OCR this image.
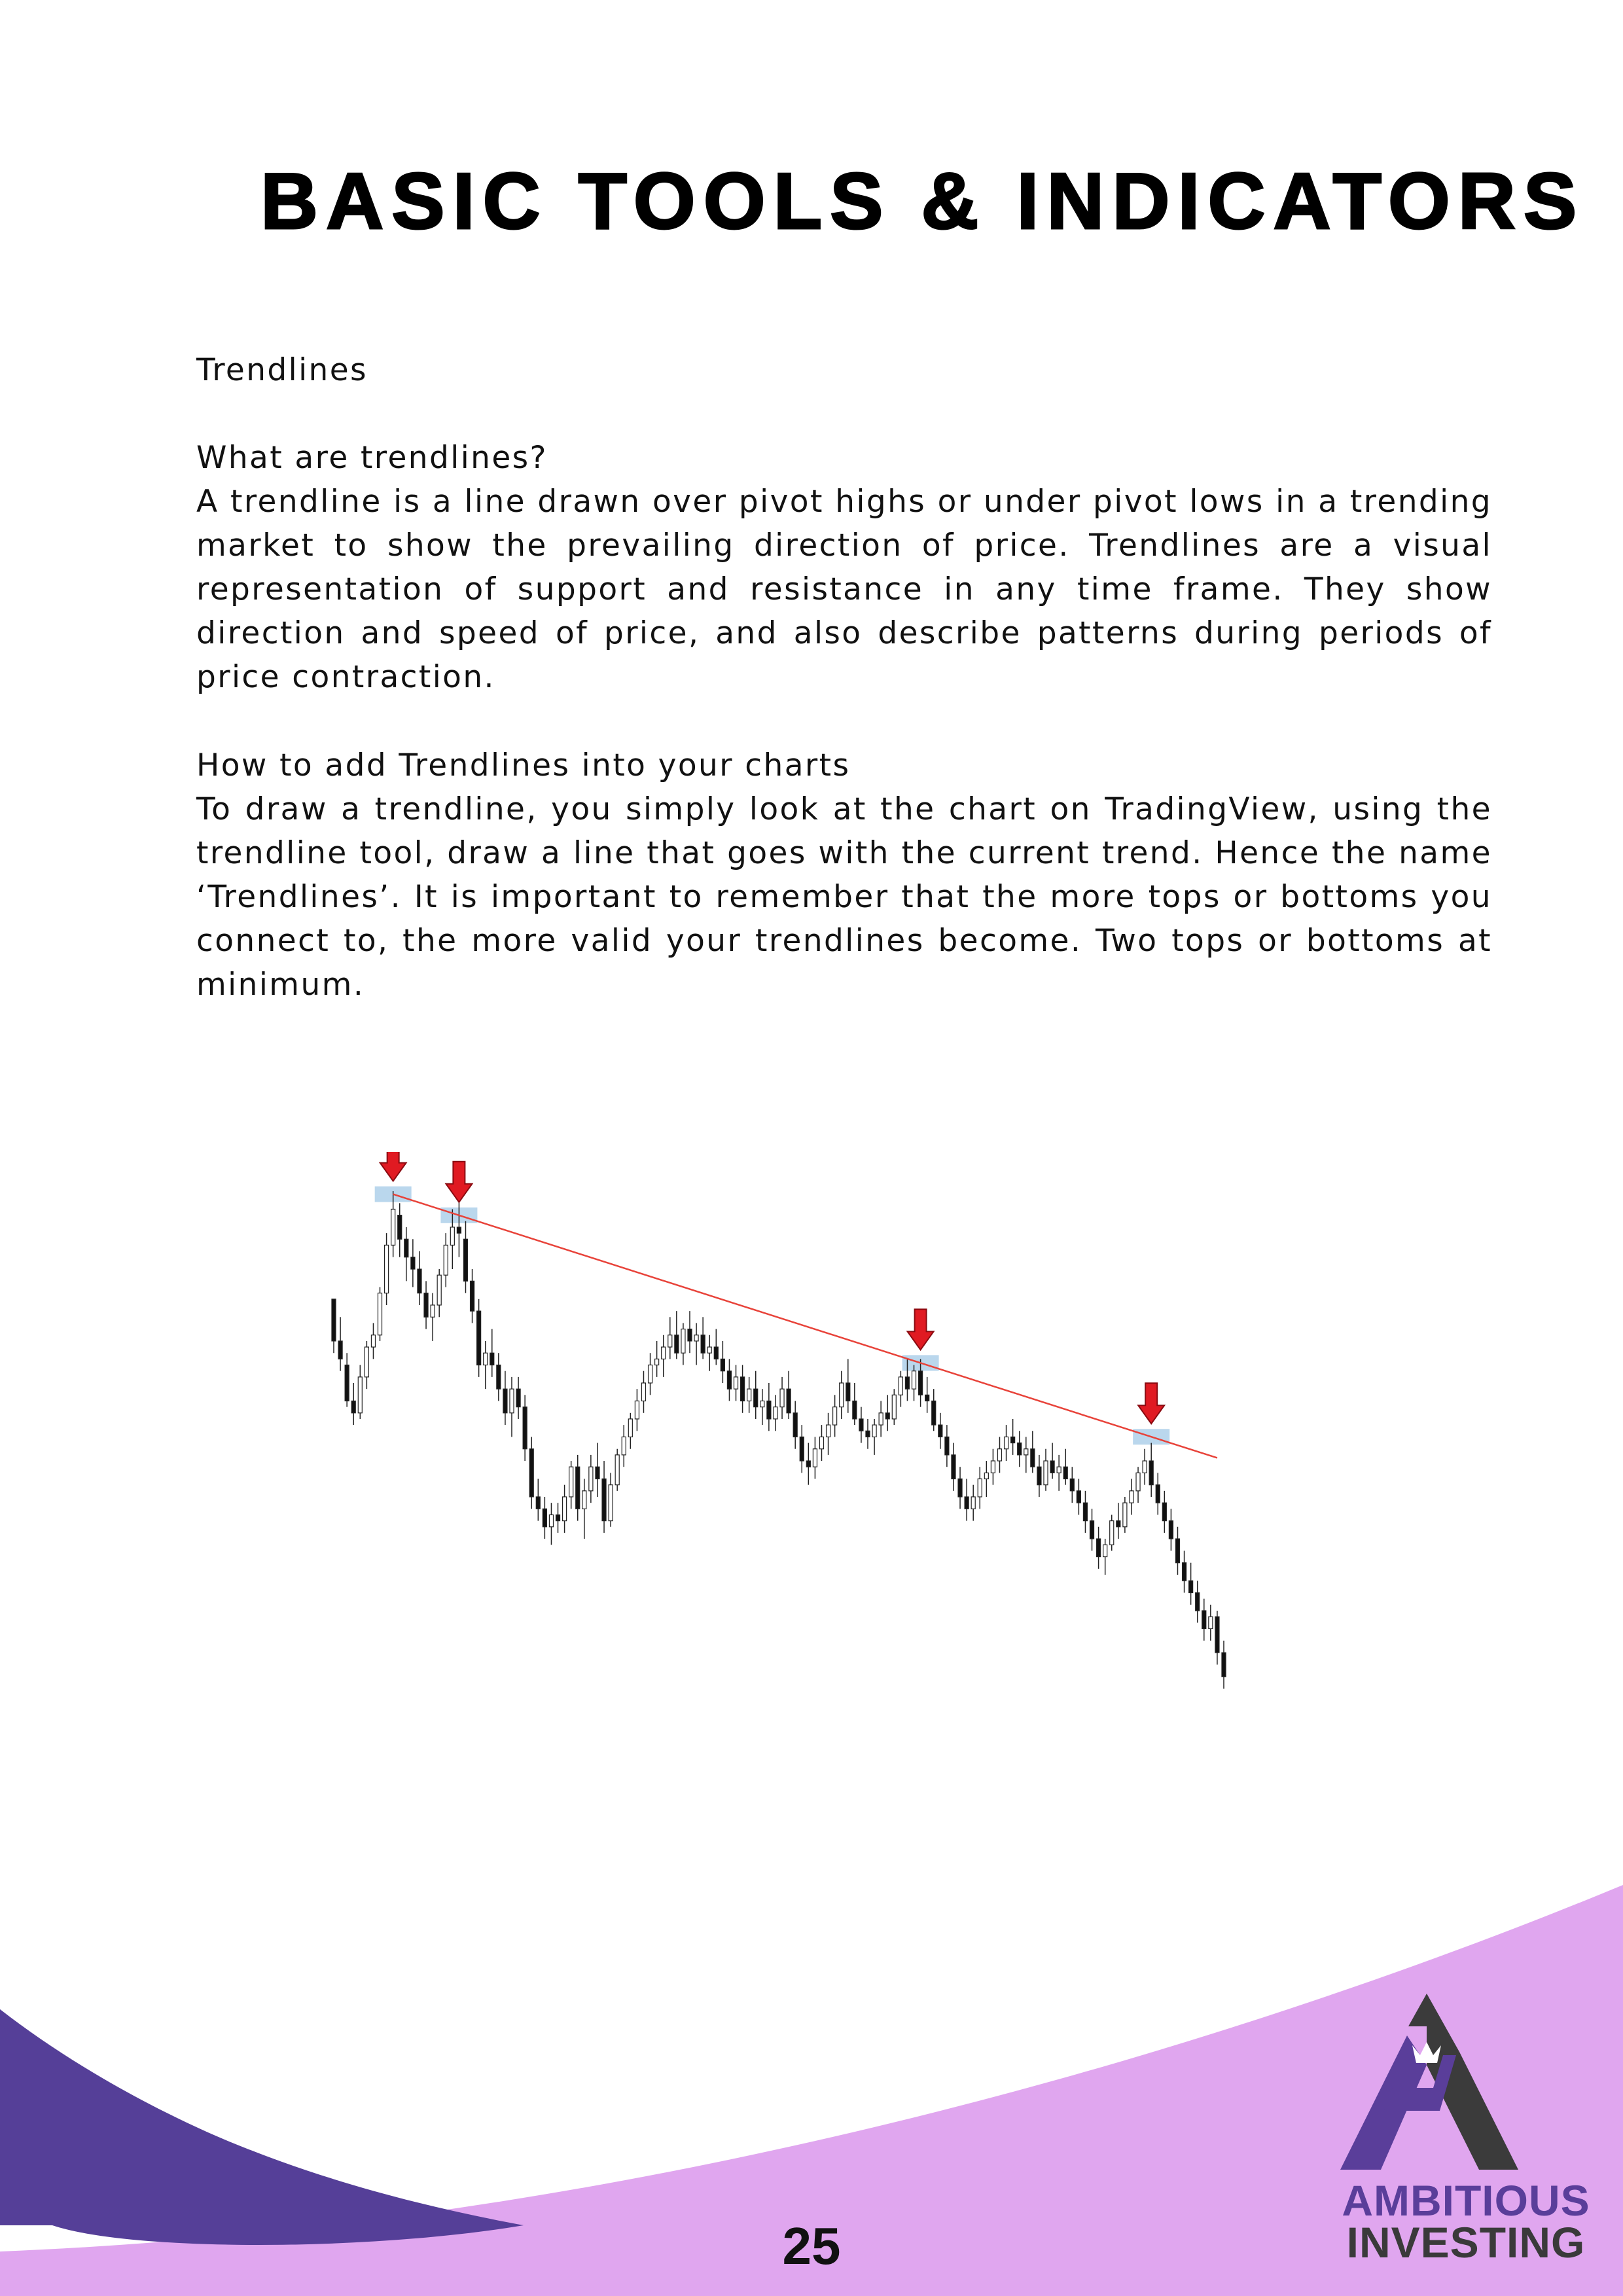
BASIC TOOLS & INDICATORS
Trendlines
What are trendlines?

A trendline is a line drawn over pivot highs or under pivot lows in a trending market to show the prevailing direction of price. Trendlines are a visual representation of support and resistance in any time frame. They show direction and speed of price, and also describe patterns during periods of price contraction.

How to add Trendlines into your charts

To draw a trendline, you simply look at the chart on TradingView, using the trendline tool, draw a line that goes with the current trend. Hence the name ‘Trendlines’. It is important to remember that the more tops or bottoms you connect to, the more valid your trendlines become. Two tops or bottoms at minimum.

AMBITIOUS
INVESTING
25
